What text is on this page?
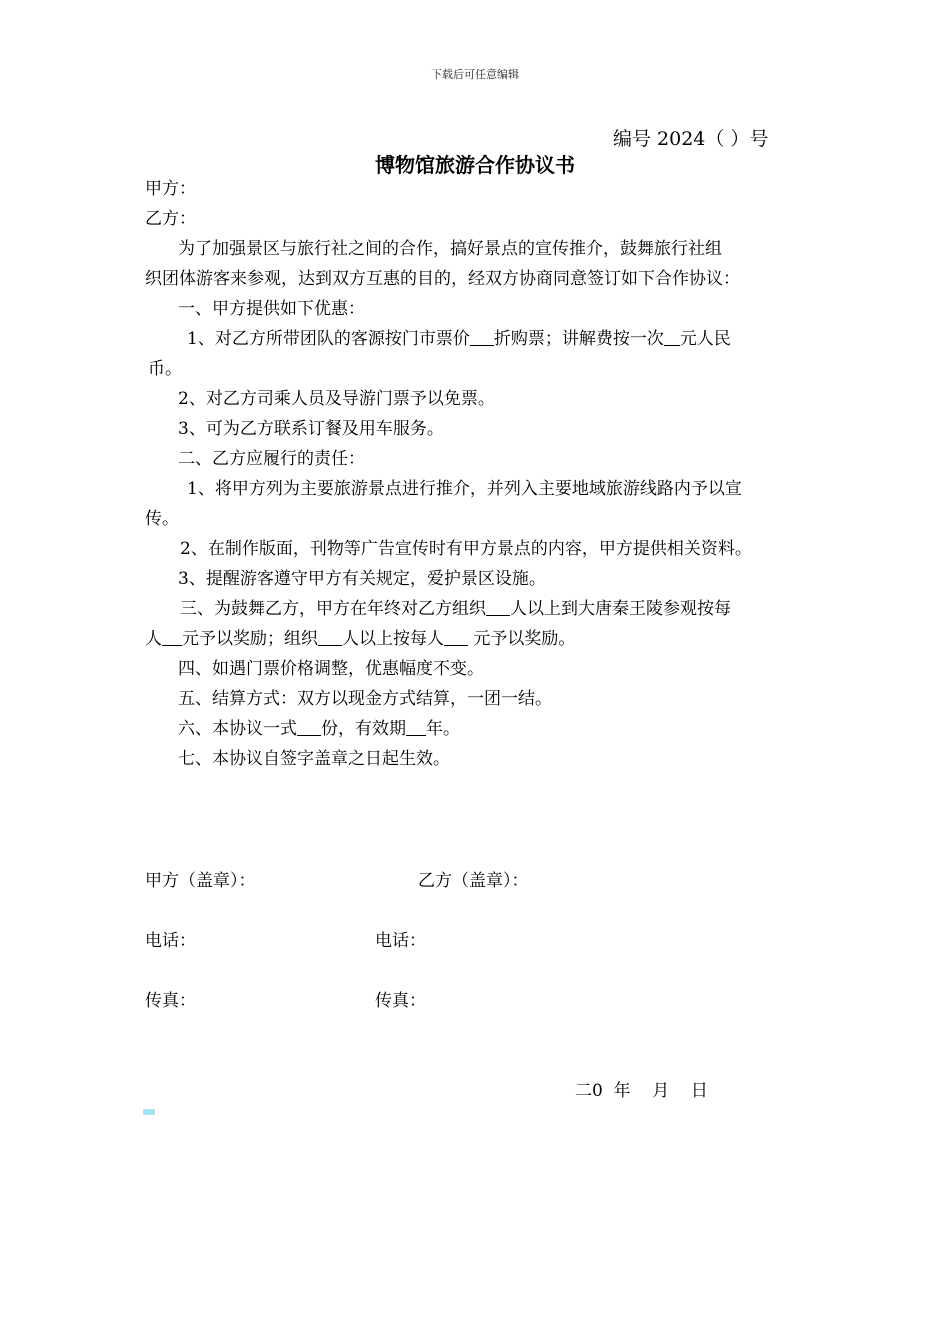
下载后可任意编辑
编号 2024（ ）号
博物馆旅游合作协议书
甲方：
乙方：
为了加强景区与旅行社之间的合作，搞好景点的宣传推介，鼓舞旅行社组
织团体游客来参观，达到双方互惠的目的，经双方协商同意签订如下合作协议：
一、甲方提供如下优惠：
1、对乙方所带团队的客源按门市票价 折购票；讲解费按一次 元人民
币。
2、对乙方司乘人员及导游门票予以免票。
3、可为乙方联系订餐及用车服务。
二、乙方应履行的责任：
1、将甲方列为主要旅游景点进行推介，并列入主要地域旅游线路内予以宣
传。
2、在制作版面，刊物等广告宣传时有甲方景点的内容，甲方提供相关资料。
3、提醒游客遵守甲方有关规定，爱护景区设施。
三、为鼓舞乙方，甲方在年终对乙方组织 人以上到大唐秦王陵参观按每
人 元予以奖励；组织 人以上按每人 元予以奖励。
四、如遇门票价格调整，优惠幅度不变。
五、结算方式：双方以现金方式结算，一团一结。
六、本协议一式 份，有效期 年。
七、本协议自签字盖章之日起生效。
甲方（盖章）：	乙方（盖章）：
电话：	电话：
传真：	传真：
二0  年    月    日
